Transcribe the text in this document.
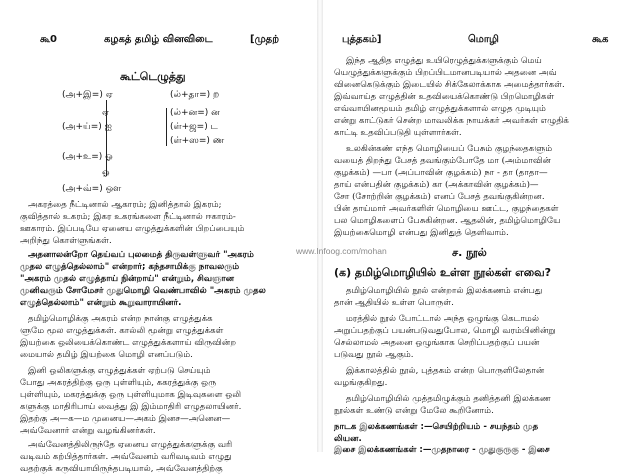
கூ0	கழகத் தமிழ் வினவிடை	[முதற்
கூட்டெழுத்து
(அ+இ=) ஏ	(ல்+தா=) ற
ஏ	(ல்+ன=) ன
(அ+ய்=) ஐ	(ள்+ஜ=) ட
(ள்+ஸ=) ண
(அ+உ=) ஓ
ஓ
(அ+வ்=) ஒள
அகரத்தை நீட்டினால் ஆகாரம்; இனித்தால் இகரம்;
குவித்தால் உகரம்; இகர உகரங்களை நீட்டினால் ஈகாரம்-
ஊகாரம். இப்படியே ஏனைய எழுத்துக்களின் பிறப்பையும்
அறிந்து கொள்ளுங்கள்.
அதனாலன்றோ தெய்வப் புலமைத் திருவள்ளுவர் "அகரம்
முதல எழுத்தெல்லாம்" என்றார்; கந்தசாமிக்கு நாவலரும்
"அகரம் முதல் எழுத்தாய் நின்றாய்" என்றும், சிவஞான
முனிவரும் சோமேசர் முதுமொழி வெண்பாவில் "அகரம் முதல
எழுத்தெல்லாம்" என்றும் கூறுவாராயினர்.
தமிழ்மொழிக்கு அகரம் என்ற நான்கு எழுத்துக்க
ளுமே மூல எழுத்துக்கள். கால்லி மூன்று எழுத்துக்கள்
இயற்கை ஒலியைக்கொண்ட எழுத்துக்களாய் விருவின்ற
மையால் தமிழ் இயற்கை மொழி எனப்படும்.
இனி ஒலிகளுக்கு எழுத்துக்கள் ஏற்படு செய்யும்
போது அகரத்திற்கு ஒரு புள்ளியும், ககரத்துக்கு ஒரு
புள்ளியும், மகரத்துக்கு ஒரு புள்ளியுமாக இடிவுகளை ஒலி
களுக்கு மாதிரிபாய் வைத்து இ இம்மாதிரி எழுதலாயினர்.
இதற்கு அ—க—ம முனைய—அகம் இனச—அனென—
அவ்வேனார் என்று வழங்கினர்கள்.
அவ்வேனத்திலிருந்தே ஏனைய எழுத்துக்களுக்கு வரி
வடிவம் கற்பித்தார்கள். அவ்வேனம் வரிவடிவம் எழுது
வதற்குக் கருவியாயிருந்தபடியால், அவ்வேனத்திற்கு
புத்தகம்]	மொழி	கூக
இந்த ஆதித எழுத்து உயிரெழுத்துக்களுக்கும் மெய்
யெழுத்துக்களுக்கும் பிறப்பிடமானபடியால் அதனை அவ்
வினைகெடுக்கும் இடையில் சிக்கேலாக்காக அமைத்தார்கள்.
இவ்வாய்த எழுத்தின் உதவியைக்கொண்டு பிறமொழிகள்
எவ்வாயினமூயம் தமிழ் எழுத்துக்களால் எழுத முடியும்
என்று காட்டுகர் சென்ற மாவலிக்க நாயக்கர் அவர்கள் எழுதிக்
காட்டி உதவிப்படுதி யுள்ளார்கள்.
உலகின்கண் எந்த மொழியைப் பேசும் குழந்தைகளும்
வயைத் திறந்து பேசத் தவங்கும்போதே மா (அம்மாவின்
குழக்கம்) —பா (அப்பாவின் குழக்கம்) நா - தா (தாதா—
தாய் என்பதின் குழக்கம்) கா (அக்காவின் குழக்கம்)—
சோ (சோற்றின் குழக்கம்) எனப் பேசத் தவங்குகின்றன.
பின் தாய்மார் அவர்களிள் மொழியை ஊட்ட, குழந்தைகள்
பல மொழிகளைப் பேசுகின்றன. ஆதலின், தமிழ்மொழியே
இயற்கைமொழி என்பது இனிதுத் தெளிவாம்.
ச. நூல்
(க) தமிழ்மொழியில் உள்ள நூல்கள் எவை?
தமிழ்மொழியில் நூல் என்றால் இலக்கணம் என்பது
தான் ஆதியில் உள்ள பொருள்.
மரத்தில் நூல் போட்டால் அந்த ஒழுங்கு கெடாமல்
அறுப்பதற்குப் பயன்படுவதுபோல, மொழி வரம்பினின்று
செல்லாமல் அதனை ஒழுங்காக செறிப்பதற்குப் பயன்
படுவது நூல் ஆகும்.
இக்காலத்தில் நூல், புத்தகம் என்ற பொருளிலேதான்
வழங்குகிறது.
தமிழ்மொழியில் முத்தமிழுக்கும் தனித்தனி இலக்கண
நூல்கள் உண்டு என்று மேலே கூறினோம்.
நாடக இலக்கணங்கள் :—செயிற்றியம் - சயந்தம் முத
லியன.
இசை இலக்கணங்கள் :—முதநாரை - முதுகுருகு - இசை
www.Infoog.com/mohan
